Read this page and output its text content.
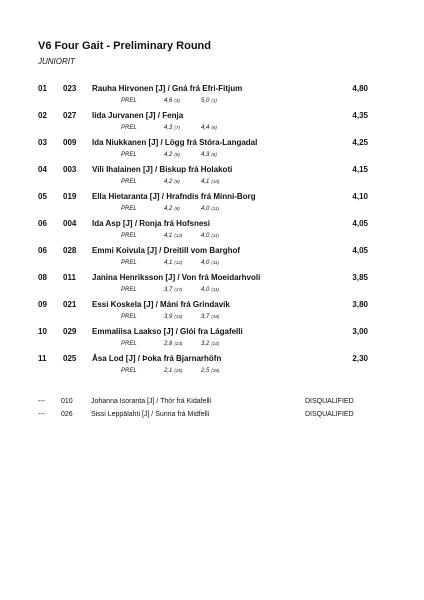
V6 Four Gait - Preliminary Round
JUNIORIT
01 023 Rauha Hirvonen [J] / Gná frá Efri-Fitjum	4,80
PREL	4,6 (3)	5,0 (1)
02 027 Iida Jurvanen [J] / Fenja	4,35
PREL	4,3 (7)	4,4 (6)
03 009 Ida Niukkanen [J] / Lögg frá Stóra-Langadal	4,25
PREL	4,2 (8)	4,3 (8)
04 003 Vili Ihalainen [J] / Biskup frá Holakoti	4,15
PREL	4,2 (8)	4,1 (10)
05 019 Ella Hietaranta [J] / Hrafndís frá Minni-Borg	4,10
PREL	4,2 (8)	4,0 (11)
06 004 Ida Asp [J] / Ronja frá Hofsnesi	4,05
PREL	4,1 (12)	4,0 (11)
06 028 Emmi Koivula [J] / Dreitill vom Barghof	4,05
PREL	4,1 (12)	4,0 (11)
08 011 Janina Henriksson [J] / Von frá Moeidarhvoli	3,85
PREL	3,7 (17)	4,0 (11)
09 021 Essi Koskela [J] / Máni frá Grindavík	3,80
PREL	3,9 (15)	3,7 (16)
10 029 Emmaliisa Laakso [J] / Glói fra Lágafelli	3,00
PREL	2,8 (23)	3,2 (22)
11 025 Åsa Lod [J] / Þoka frá Bjarnarhöfn	2,30
PREL	2,1 (25)	2,5 (26)
--- 010	Johanna Isoranta [J] / Thór frá Kidafelli	DISQUALIFIED
--- 026	Sissi Leppälahti [J] / Sunna frá Midfelli	DISQUALIFIED
